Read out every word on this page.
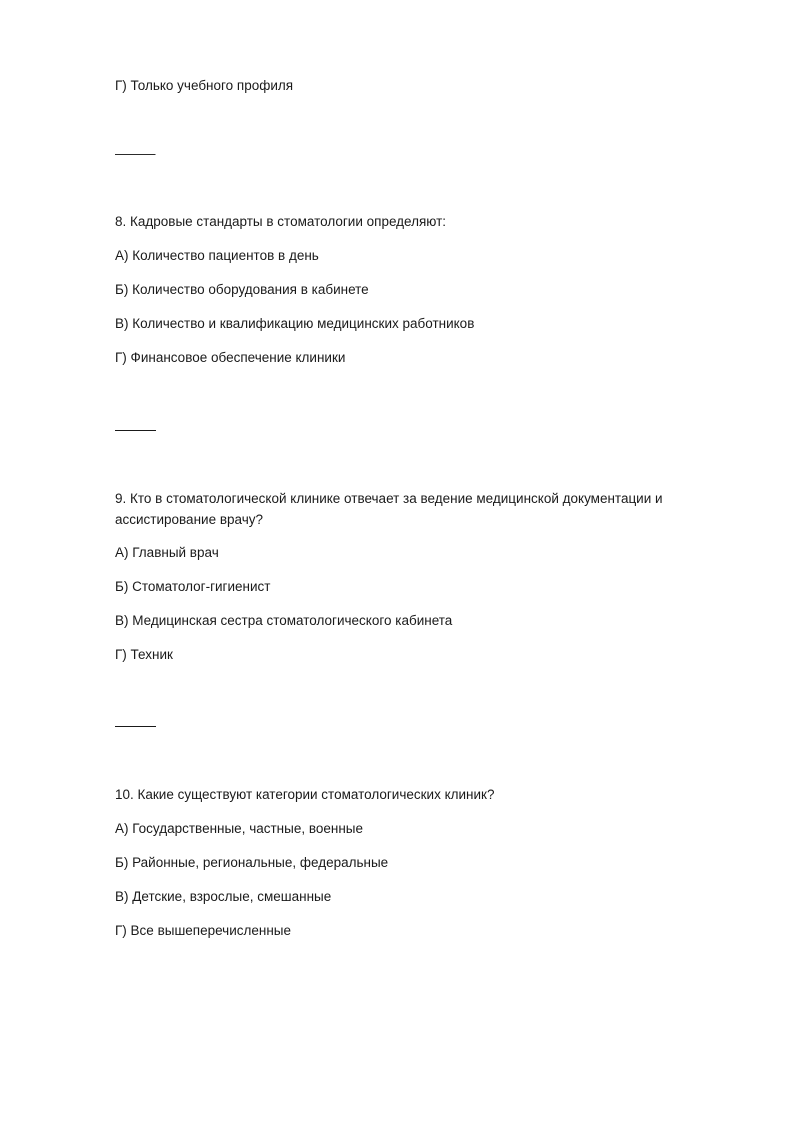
Г) Только учебного профиля
———
8. Кадровые стандарты в стоматологии определяют:
А) Количество пациентов в день
Б) Количество оборудования в кабинете
В) Количество и квалификацию медицинских работников
Г) Финансовое обеспечение клиники
9. Кто в стоматологической клинике отвечает за ведение медицинской документации и ассистирование врачу?
А) Главный врач
Б) Стоматолог-гигиенист
В) Медицинская сестра стоматологического кабинета
Г) Техник
10. Какие существуют категории стоматологических клиник?
А) Государственные, частные, военные
Б) Районные, региональные, федеральные
В) Детские, взрослые, смешанные
Г) Все вышеперечисленные
